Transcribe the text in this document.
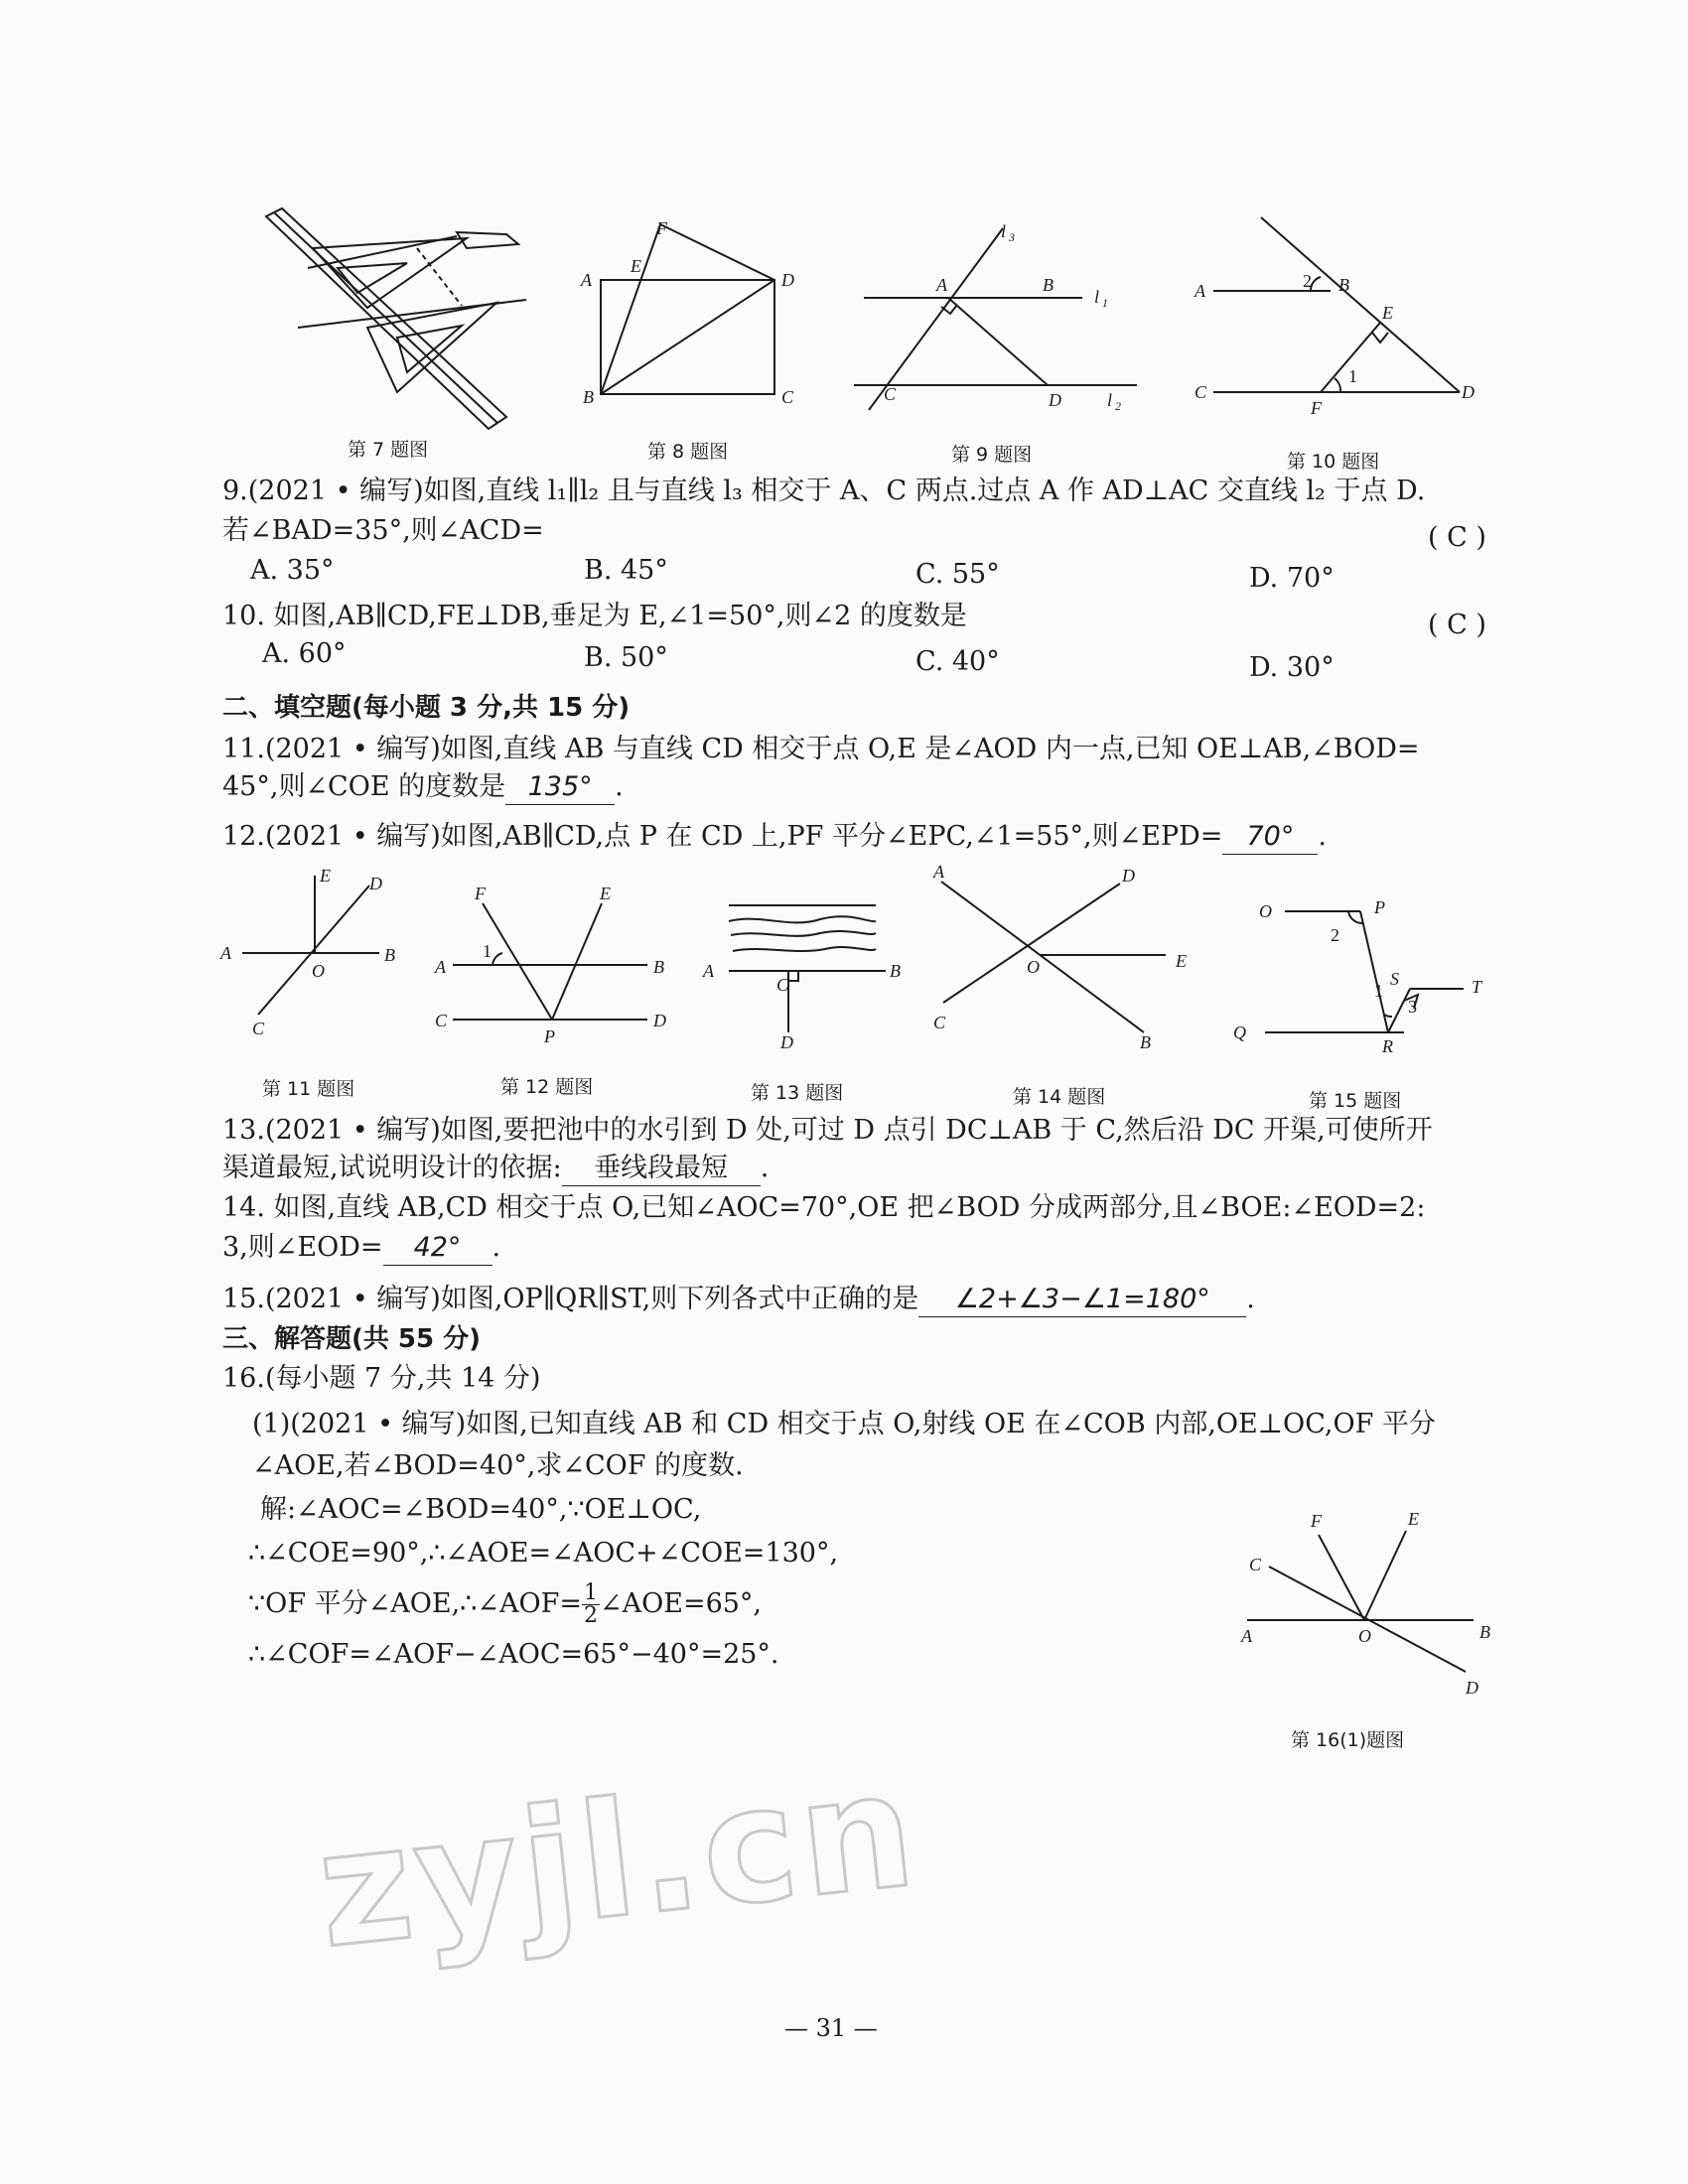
第 7 题图
A
E
F
D
B	C
第 8 题图
l 3
A	B
l 1
C	D	l 2
第 9 题图
A	2 B
E
C
1
F
D
第 10 题图
9.(2021 • 编写)如图,直线 l₁∥l₂ 且与直线 l₃ 相交于 A、C 两点.过点 A 作 AD⊥AC 交直线 l₂ 于点 D.
若∠BAD=35°,则∠ACD=	( C )
A. 35°	B. 45°	C. 55°	D. 70°
10. 如图,AB∥CD,FE⊥DB,垂足为 E,∠1=50°,则∠2 的度数是	( C )
A. 60°	B. 50°	C. 40°	D. 30°
二、填空题(每小题 3 分,共 15 分)
11.(2021 • 编写)如图,直线 AB 与直线 CD 相交于点 O,E 是∠AOD 内一点,已知 OE⊥AB,∠BOD=
45°,则∠COE 的度数是 135° .
12.(2021 • 编写)如图,AB∥CD,点 P 在 CD 上,PF 平分∠EPC,∠1=55°,则∠EPD= 70° .
A
E D
B
O
C
第 11 题图
F	E
1
A	B
C	D
P
第 12 题图
A	B
C
D
第 13 题图
A	D
E
O
C
B
第 14 题图
O	P
2
S	T
1
3
Q
R
第 15 题图
13.(2021 • 编写)如图,要把池中的水引到 D 处,可过 D 点引 DC⊥AB 于 C,然后沿 DC 开渠,可使所开
渠道最短,试说明设计的依据: 垂线段最短 .
14. 如图,直线 AB,CD 相交于点 O,已知∠AOC=70°,OE 把∠BOD 分成两部分,且∠BOE:∠EOD=2:
3,则∠EOD= 42° .
15.(2021 • 编写)如图,OP∥QR∥ST,则下列各式中正确的是 ∠2+∠3−∠1=180° .
三、解答题(共 55 分)
16.(每小题 7 分,共 14 分)
(1)(2021 • 编写)如图,已知直线 AB 和 CD 相交于点 O,射线 OE 在∠COB 内部,OE⊥OC,OF 平分
∠AOE,若∠BOD=40°,求∠COF 的度数.
解:∠AOC=∠BOD=40°,∵OE⊥OC,
∴∠COE=90°,∴∠AOE=∠AOC+∠COE=130°,
∵OF 平分∠AOE,∴∠AOF= $\frac{1}{2}$ ∠AOE=65°,
∴∠COF=∠AOF−∠AOC=65°−40°=25°.
F	E
C
A	O	B
D
第 16(1)题图
zyjl.cn
— 31 —
